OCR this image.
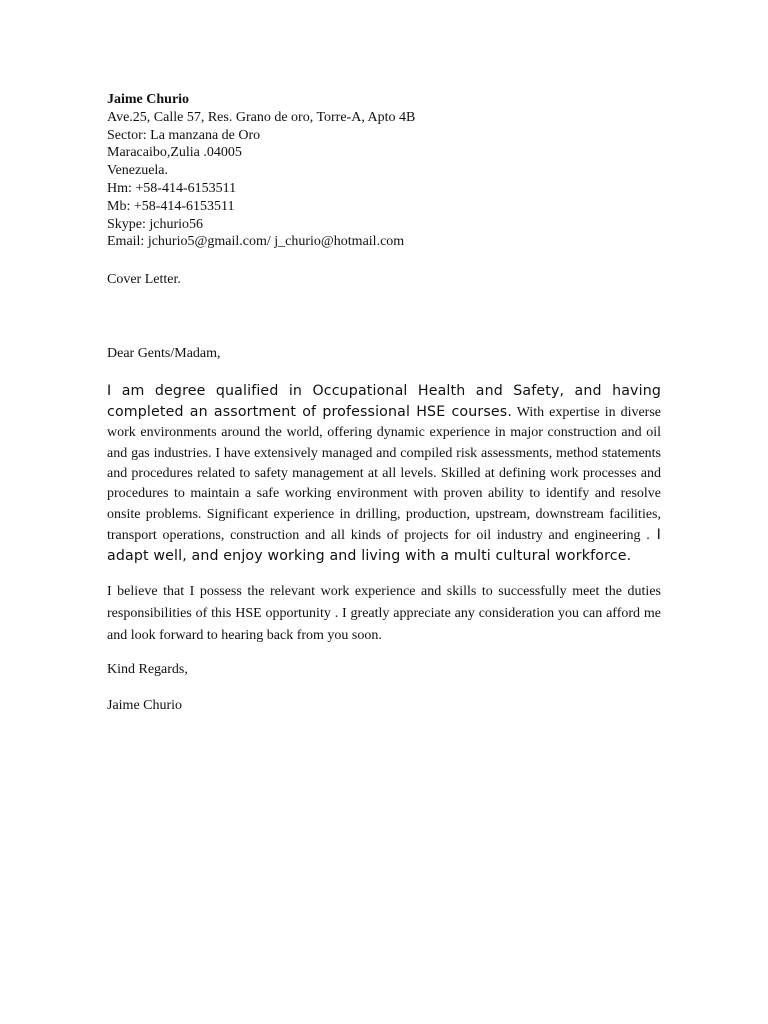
Jaime Churio
Ave.25, Calle 57, Res. Grano de oro, Torre-A, Apto 4B
Sector: La manzana de Oro
Maracaibo,Zulia .04005
Venezuela.
Hm: +58-414-6153511
Mb: +58-414-6153511
Skype: jchurio56
Email: jchurio5@gmail.com/ j_churio@hotmail.com
Cover Letter.
Dear Gents/Madam,

I am degree qualified in Occupational Health and Safety, and having completed an assortment of professional HSE courses. With expertise in diverse work environments around the world, offering dynamic experience in major construction and oil and gas industries. I have extensively managed and compiled risk assessments, method statements and procedures related to safety management at all levels. Skilled at defining work processes and procedures to maintain a safe working environment with proven ability to identify and resolve onsite problems. Significant experience in drilling, production, upstream, downstream facilities, transport operations, construction and all kinds of projects for oil industry and engineering . I adapt well, and enjoy working and living with a multi cultural workforce.

I believe that I possess the relevant work experience and skills to successfully meet the duties responsibilities of this HSE opportunity . I greatly appreciate any consideration you can afford me and look forward to hearing back from you soon.

Kind Regards,
Jaime Churio
